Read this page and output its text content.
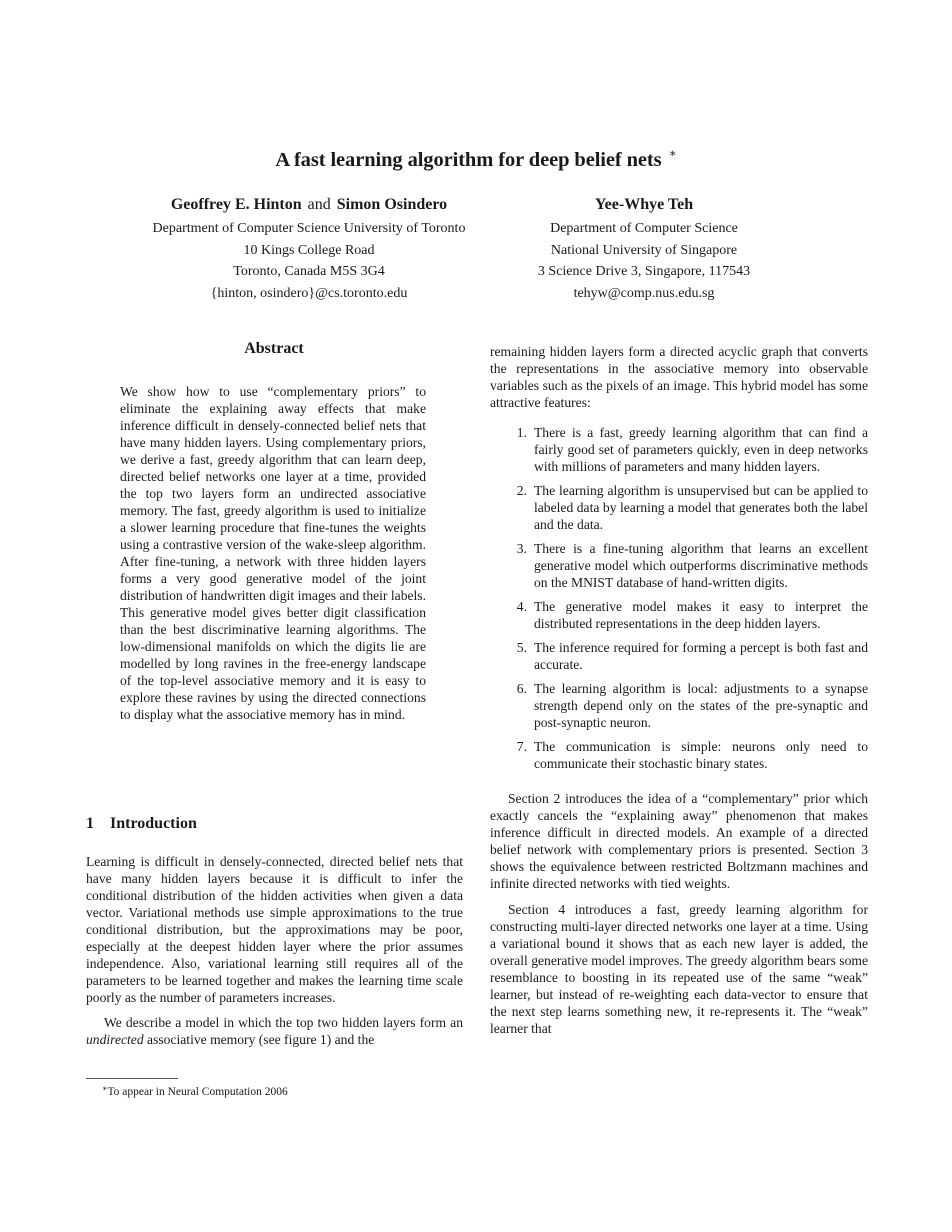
A fast learning algorithm for deep belief nets ∗
Geoffrey E. Hinton and Simon Osindero
Department of Computer Science University of Toronto
10 Kings College Road
Toronto, Canada M5S 3G4
{hinton, osindero}@cs.toronto.edu
Yee-Whye Teh
Department of Computer Science
National University of Singapore
3 Science Drive 3, Singapore, 117543
tehyw@comp.nus.edu.sg
Abstract

We show how to use “complementary priors” to eliminate the explaining away effects that make inference difficult in densely-connected belief nets that have many hidden layers. Using complementary priors, we derive a fast, greedy algorithm that can learn deep, directed belief networks one layer at a time, provided the top two layers form an undirected associative memory. The fast, greedy algorithm is used to initialize a slower learning procedure that fine-tunes the weights using a contrastive version of the wake-sleep algorithm. After fine-tuning, a network with three hidden layers forms a very good generative model of the joint distribution of handwritten digit images and their labels. This generative model gives better digit classification than the best discriminative learning algorithms. The low-dimensional manifolds on which the digits lie are modelled by long ravines in the free-energy landscape of the top-level associative memory and it is easy to explore these ravines by using the directed connections to display what the associative memory has in mind.

1 Introduction

Learning is difficult in densely-connected, directed belief nets that have many hidden layers because it is difficult to infer the conditional distribution of the hidden activities when given a data vector. Variational methods use simple approximations to the true conditional distribution, but the approximations may be poor, especially at the deepest hidden layer where the prior assumes independence. Also, variational learning still requires all of the parameters to be learned together and makes the learning time scale poorly as the number of parameters increases.

We describe a model in which the top two hidden layers form an undirected associative memory (see figure 1) and the

∗To appear in Neural Computation 2006

remaining hidden layers form a directed acyclic graph that converts the representations in the associative memory into observable variables such as the pixels of an image. This hybrid model has some attractive features:

1. There is a fast, greedy learning algorithm that can find a fairly good set of parameters quickly, even in deep networks with millions of parameters and many hidden layers.
2. The learning algorithm is unsupervised but can be applied to labeled data by learning a model that generates both the label and the data.
3. There is a fine-tuning algorithm that learns an excellent generative model which outperforms discriminative methods on the MNIST database of hand-written digits.
4. The generative model makes it easy to interpret the distributed representations in the deep hidden layers.
5. The inference required for forming a percept is both fast and accurate.
6. The learning algorithm is local: adjustments to a synapse strength depend only on the states of the pre-synaptic and post-synaptic neuron.
7. The communication is simple: neurons only need to communicate their stochastic binary states.

Section 2 introduces the idea of a “complementary” prior which exactly cancels the “explaining away” phenomenon that makes inference difficult in directed models. An example of a directed belief network with complementary priors is presented. Section 3 shows the equivalence between restricted Boltzmann machines and infinite directed networks with tied weights.

Section 4 introduces a fast, greedy learning algorithm for constructing multi-layer directed networks one layer at a time. Using a variational bound it shows that as each new layer is added, the overall generative model improves. The greedy algorithm bears some resemblance to boosting in its repeated use of the same “weak” learner, but instead of re-weighting each data-vector to ensure that the next step learns something new, it re-represents it. The “weak” learner that
